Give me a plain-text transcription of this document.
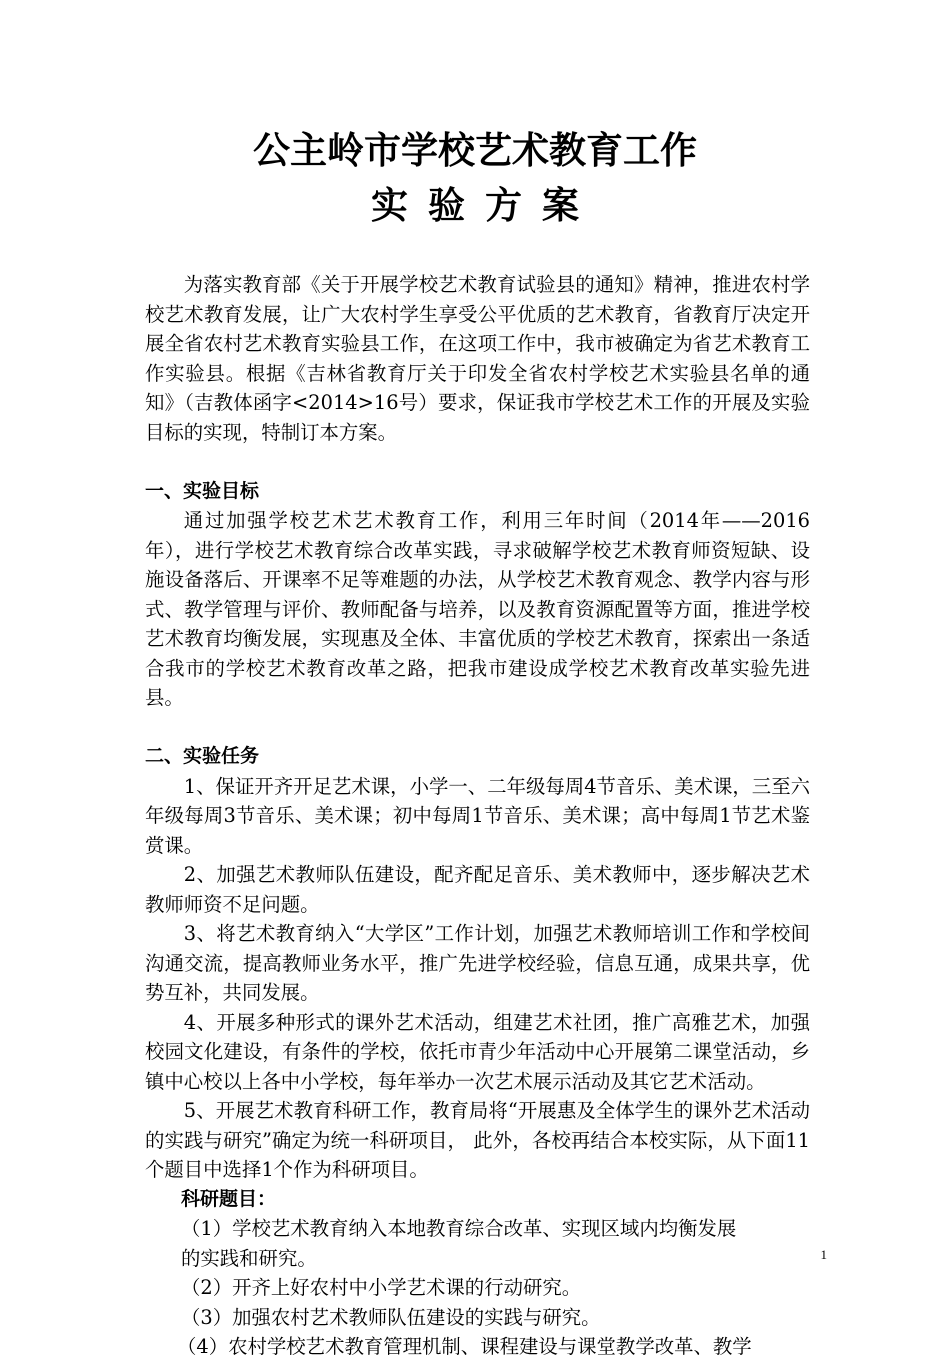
公主岭市学校艺术教育工作
实验方案

为落实教育部《关于开展学校艺术教育试验县的通知》精神，推进农村学校艺术教育发展，让广大农村学生享受公平优质的艺术教育，省教育厅决定开展全省农村艺术教育实验县工作，在这项工作中，我市被确定为省艺术教育工作实验县。根据《吉林省教育厅关于印发全省农村学校艺术实验县名单的通知》（吉教体函字<2014>16号）要求，保证我市学校艺术工作的开展及实验目标的实现，特制订本方案。

一、实验目标

通过加强学校艺术艺术教育工作，利用三年时间（2014年——2016年），进行学校艺术教育综合改革实践，寻求破解学校艺术教育师资短缺、设施设备落后、开课率不足等难题的办法，从学校艺术教育观念、教学内容与形式、教学管理与评价、教师配备与培养，以及教育资源配置等方面，推进学校艺术教育均衡发展，实现惠及全体、丰富优质的学校艺术教育，探索出一条适合我市的学校艺术教育改革之路，把我市建设成学校艺术教育改革实验先进县。

二、实验任务

1、保证开齐开足艺术课，小学一、二年级每周4节音乐、美术课，三至六年级每周3节音乐、美术课；初中每周1节音乐、美术课；高中每周1节艺术鉴赏课。

2、加强艺术教师队伍建设，配齐配足音乐、美术教师中，逐步解决艺术教师师资不足问题。

3、将艺术教育纳入“大学区”工作计划，加强艺术教师培训工作和学校间沟通交流，提高教师业务水平，推广先进学校经验，信息互通，成果共享，优势互补，共同发展。

4、开展多种形式的课外艺术活动，组建艺术社团，推广高雅艺术，加强校园文化建设，有条件的学校，依托市青少年活动中心开展第二课堂活动，乡镇中心校以上各中小学校，每年举办一次艺术展示活动及其它艺术活动。

5、开展艺术教育科研工作，教育局将“开展惠及全体学生的课外艺术活动的实践与研究”确定为统一科研项目， 此外，各校再结合本校实际，从下面11个题目中选择1个作为科研项目。

科研题目：

（1）学校艺术教育纳入本地教育综合改革、实现区域内均衡发展
的实践和研究。

（2）开齐上好农村中小学艺术课的行动研究。

（3）加强农村艺术教师队伍建设的实践与研究。

（4）农村学校艺术教育管理机制、课程建设与课堂教学改革、教学

1
